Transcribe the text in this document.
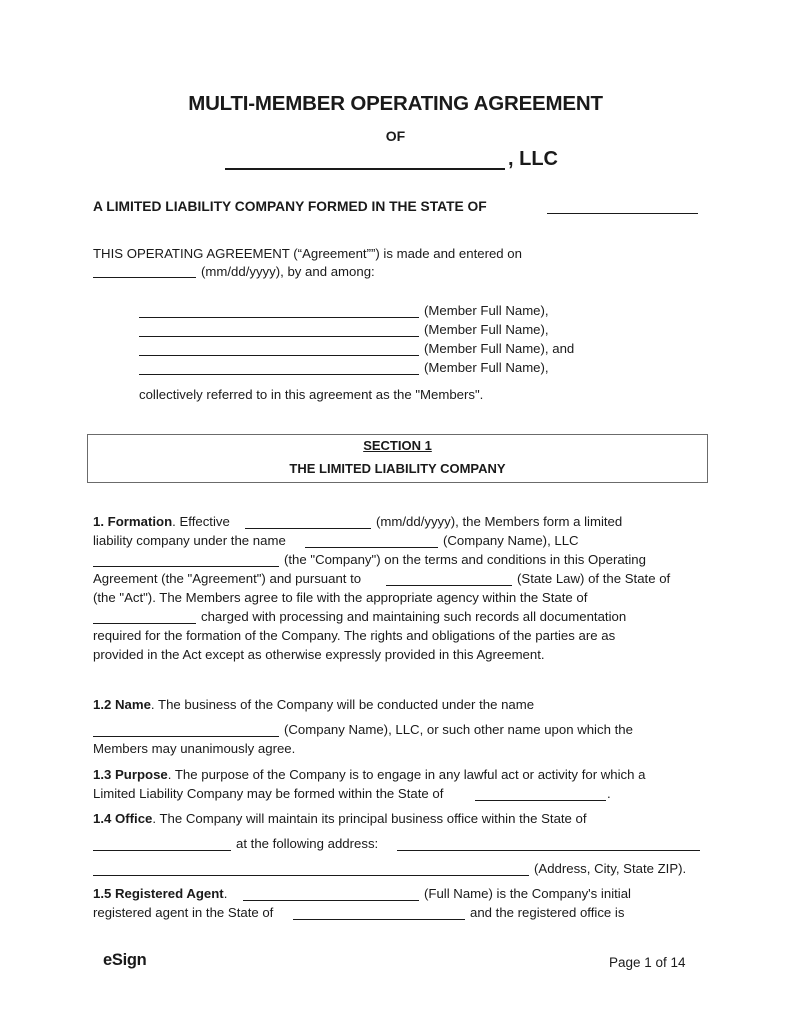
MULTI-MEMBER OPERATING AGREEMENT
OF
, LLC
A LIMITED LIABILITY COMPANY FORMED IN THE STATE OF
THIS OPERATING AGREEMENT (“Agreement””) is made and entered on
(mm/dd/yyyy), by and among:
(Member Full Name),
(Member Full Name),
(Member Full Name), and
(Member Full Name),
collectively referred to in this agreement as the "Members".
SECTION 1
THE LIMITED LIABILITY COMPANY
1. Formation. Effective	(mm/dd/yyyy), the Members form a limited
liability company under the name	(Company Name), LLC
(the "Company") on the terms and conditions in this Operating
Agreement (the "Agreement") and pursuant to	(State Law) of the State of
(the "Act"). The Members agree to file with the appropriate agency within the State of
charged with processing and maintaining such records all documentation
required for the formation of the Company. The rights and obligations of the parties are as
provided in the Act except as otherwise expressly provided in this Agreement.
1.2 Name. The business of the Company will be conducted under the name
(Company Name), LLC, or such other name upon which the
Members may unanimously agree.
1.3 Purpose. The purpose of the Company is to engage in any lawful act or activity for which a
Limited Liability Company may be formed within the State of	.
1.4 Office. The Company will maintain its principal business office within the State of
at the following address:
(Address, City, State ZIP).
1.5 Registered Agent.	(Full Name) is the Company's initial
registered agent in the State of	and the registered office is
eSign	Page 1 of 14
